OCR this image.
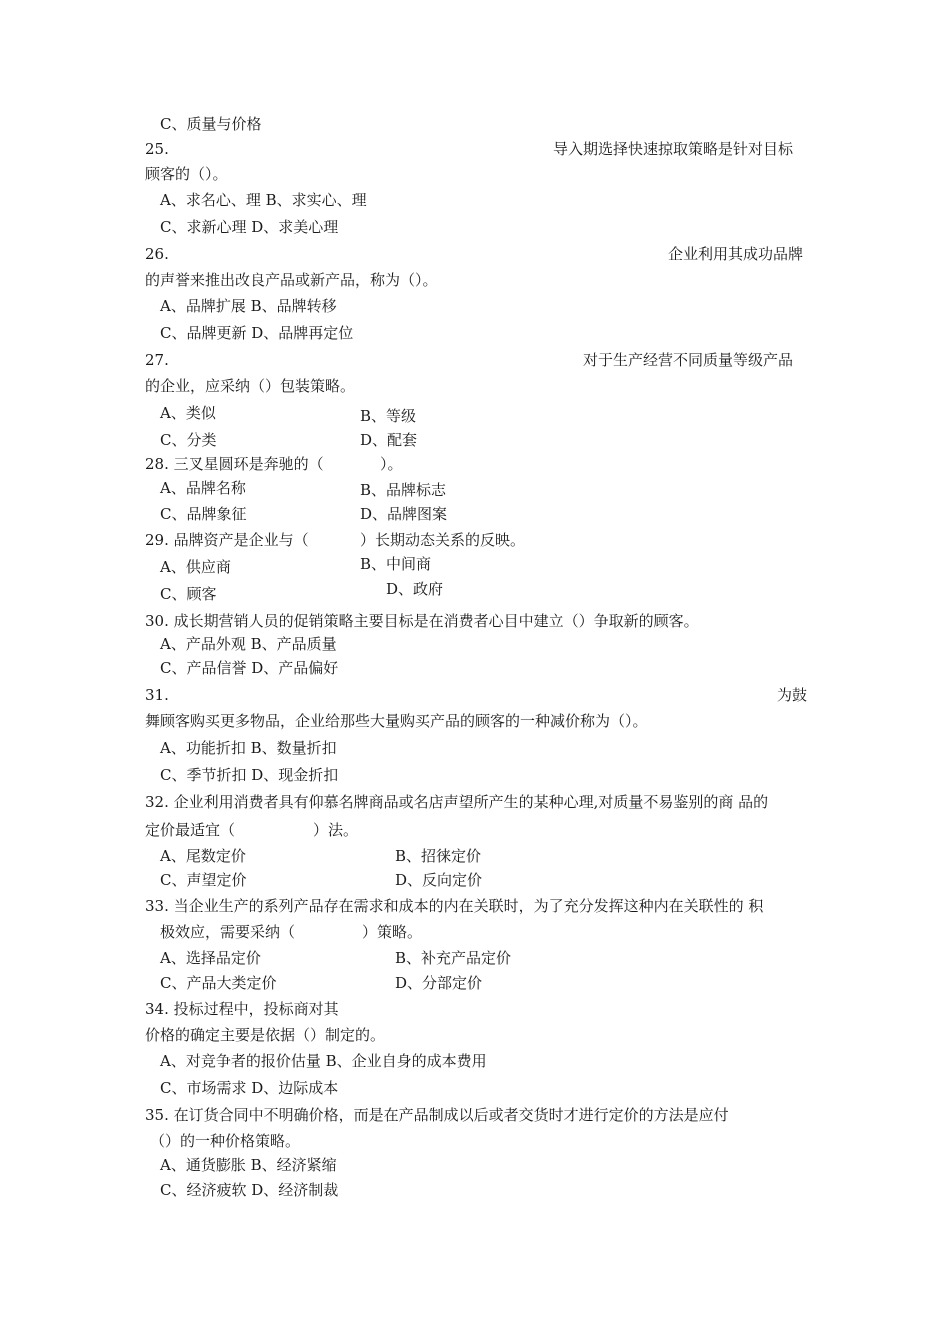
C、质量与价格
25.	导入期选择快速掠取策略是针对目标
顾客的（）。
A、求名心、理 B、求实心、理
C、求新心理 D、求美心理
26.	企业利用其成功品牌
的声誉来推出改良产品或新产品，称为（）。
A、品牌扩展 B、品牌转移
C、品牌更新 D、品牌再定位
27.	对于生产经营不同质量等级产品
的企业，应采纳（）包装策略。
A、类似	B、等级
C、分类	D、配套
28. 三叉星圆环是奔驰的（	）。
A、品牌名称	B、品牌标志
C、品牌象征	D、品牌图案
29. 品牌资产是企业与（	）长期动态关系的反映。
A、供应商	B、中间商
C、顾客	D、政府
30. 成长期营销人员的促销策略主要目标是在消费者心目中建立（）争取新的顾客。
A、产品外观 B、产品质量
C、产品信誉 D、产品偏好
31.	为鼓
舞顾客购买更多物品，企业给那些大量购买产品的顾客的一种减价称为（）。
A、功能折扣 B、数量折扣
C、季节折扣 D、现金折扣
32. 企业利用消费者具有仰慕名牌商品或名店声望所产生的某种心理,对质量不易鉴别的商 品的
定价最适宜（	）法。
A、尾数定价	B、招徕定价
C、声望定价	D、反向定价
33. 当企业生产的系列产品存在需求和成本的内在关联时，为了充分发挥这种内在关联性的 积
极效应，需要采纳（	）策略。
A、选择品定价	B、补充产品定价
C、产品大类定价	D、分部定价
34. 投标过程中，投标商对其
价格的确定主要是依据（）制定的。
A、对竞争者的报价估量 B、企业自身的成本费用
C、市场需求 D、边际成本
35. 在订货合同中不明确价格，而是在产品制成以后或者交货时才进行定价的方法是应付
（）的一种价格策略。
A、通货膨胀 B、经济紧缩
C、经济疲软 D、经济制裁
